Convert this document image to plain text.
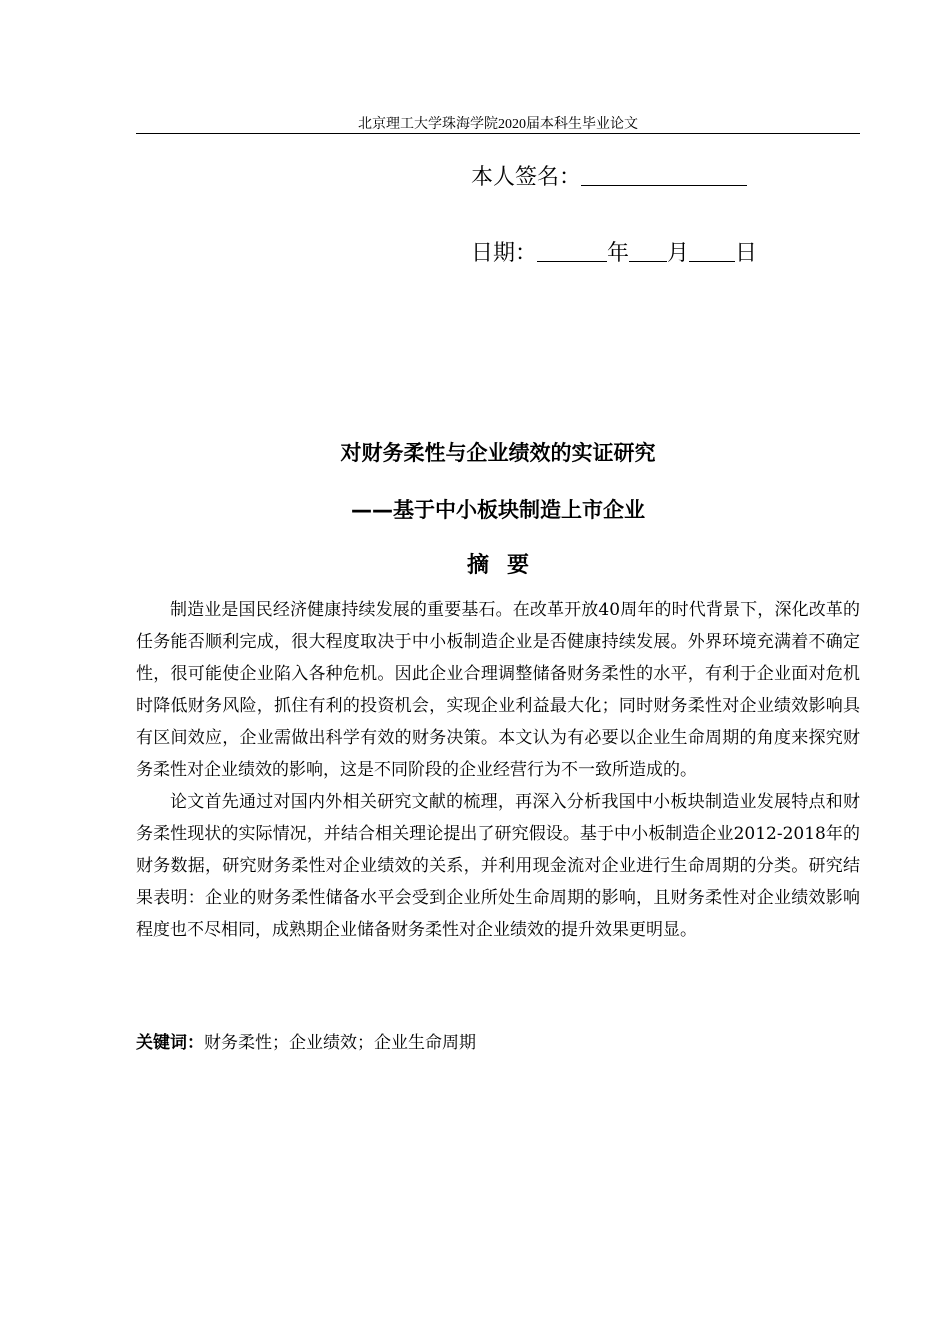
北京理工大学珠海学院2020届本科生毕业论文
本人签名：
日期：	年 月 日
对财务柔性与企业绩效的实证研究
——基于中小板块制造上市企业
摘要

制造业是国民经济健康持续发展的重要基石。在改革开放40周年的时代背景下，深化改革的任务能否顺利完成，很大程度取决于中小板制造企业是否健康持续发展。外界环境充满着不确定性，很可能使企业陷入各种危机。因此企业合理调整储备财务柔性的水平，有利于企业面对危机时降低财务风险，抓住有利的投资机会，实现企业利益最大化；同时财务柔性对企业绩效影响具有区间效应，企业需做出科学有效的财务决策。本文认为有必要以企业生命周期的角度来探究财务柔性对企业绩效的影响，这是不同阶段的企业经营行为不一致所造成的。

论文首先通过对国内外相关研究文献的梳理，再深入分析我国中小板块制造业发展特点和财务柔性现状的实际情况，并结合相关理论提出了研究假设。基于中小板制造企业2012-2018年的财务数据，研究财务柔性对企业绩效的关系，并利用现金流对企业进行生命周期的分类。研究结果表明：企业的财务柔性储备水平会受到企业所处生命周期的影响，且财务柔性对企业绩效影响程度也不尽相同，成熟期企业储备财务柔性对企业绩效的提升效果更明显。

关键词：财务柔性；企业绩效；企业生命周期
